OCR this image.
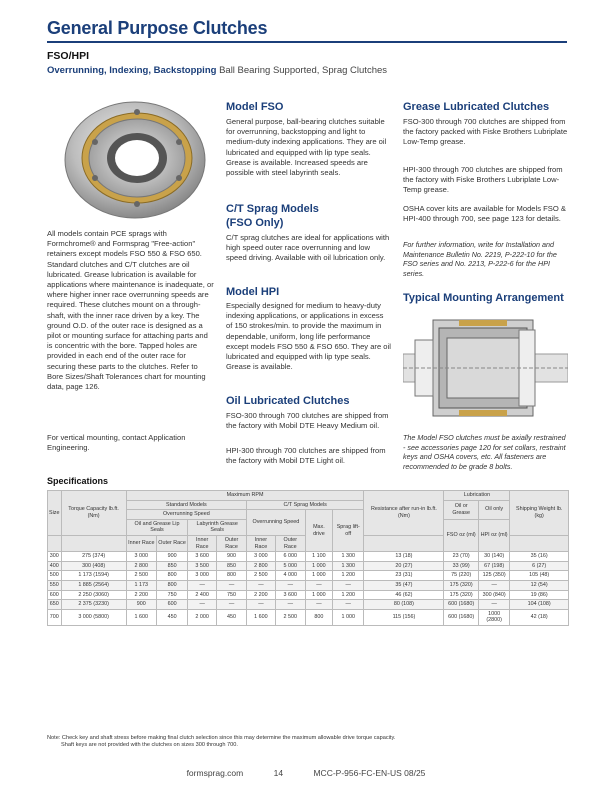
General Purpose Clutches
FSO/HPI
Overrunning, Indexing, Backstopping Ball Bearing Supported, Sprag Clutches
All models contain PCE sprags with Formchrome® and Formsprag "Free-action" retainers except models FSO 550 & FSO 650. Standard clutches and C/T clutches are oil lubricated. Grease lubrication is available for applications where maintenance is inadequate, or where higher inner race overrunning speeds are required. These clutches mount on a through-shaft, with the inner race driven by a key. The ground O.D. of the outer race is designed as a pilot or mounting surface for attaching parts and is concentric with the bore. Tapped holes are provided in each end of the outer race for securing these parts to the clutches. Refer to Bore Sizes/Shaft Tolerances chart for mounting data, page 126.
For vertical mounting, contact Application Engineering.
Model FSO
General purpose, ball-bearing clutches suitable for overrunning, backstopping and light to medium-duty indexing applications. They are oil lubricated and equipped with lip type seals. Grease is available. Increased speeds are possible with steel labyrinth seals.
C/T Sprag Models
(FSO Only)
C/T sprag clutches are ideal for applications with high speed outer race overrunning and low speed driving. Available with oil lubrication only.
Model HPI
Especially designed for medium to heavy-duty indexing applications, or applications in excess of 150 strokes/min. to provide the maximum in dependable, uniform, long life performance except models FSO 550 & FSO 650. They are oil lubricated and equipped with lip type seals. Grease is available.
Oil Lubricated Clutches
FSO-300 through 700 clutches are shipped from the factory with Mobil DTE Heavy Medium oil.
HPI-300 through 700 clutches are shipped from the factory with Mobil DTE Light oil.
Grease Lubricated Clutches
FSO-300 through 700 clutches are shipped from the factory packed with Fiske Brothers Lubriplate Low-Temp grease.
HPI-300 through 700 clutches are shipped from the factory with Fiske Brothers Lubriplate Low-Temp grease.
OSHA cover kits are available for Models FSO & HPI-400 through 700, see page 123 for details.
For further information, write for Installation and Maintenance Bulletin No. 2219, P-222-10 for the FSO series and No. 2213, P-222-6 for the HPI series.
Typical Mounting Arrangement
The Model FSO clutches must be axially restrained - see accessories page 120 for set collars, restraint keys and OSHA covers, etc. All fasteners are recommended to be grade 8 bolts.
Specifications
Size	Torque Capacity lb.ft. (Nm)	Maximum RPM								Resistance after run-in lb.ft. (Nm)	Lubrication		Shipping Weight lb. (kg)
		Standard Models				C/T Sprag Models					Oil or Grease	Oil only	
		Overrunning Speed				Overrunning Speed		Max. drive	Sprag lift-off				
		Oil and Grease Lip Seals		Labyrinth Grease Seals							FSO oz (ml)	HPI oz (ml)	
		Inner Race	Outer Race	Inner Race	Outer Race	Inner Race	Outer Race						
300	275 (374)	3 000	900	3 600	900	3 000	6 000	1 100	1 300	13 (18)	23 (70)	30 (140)	35 (16)
400	300 (408)	2 800	850	3 500	850	2 800	5 000	1 000	1 300	20 (27)	33 (99)	67 (198)	6 (27)
500	1 173 (1594)	2 500	800	3 000	800	2 500	4 000	1 000	1 200	23 (31)	75 (220)	125 (350)	105 (48)
550	1 885 (2564)	1 173	800	—	—	—	—	—	—	35 (47)	175 (320)	—	12 (54)
600	2 250 (3060)	2 200	750	2 400	750	2 200	3 600	1 000	1 200	46 (62)	175 (320)	300 (840)	19 (86)
650	2 375 (3230)	900	600	—	—	—	—	—	—	80 (108)	600 (1680)	—	104 (108)
700	3 000 (5800)	1 600	450	2 000	450	1 600	2 500	800	1 000	115 (156)	600 (1680)	1000 (2800)	42 (18)
Note: Check key and shaft stress before making final clutch selection since this may determine the maximum allowable drive torque capacity.
Shaft keys are not provided with the clutches on sizes 300 through 700.
formsprag.com	14	MCC-P-956-FC-EN-US 08/25
